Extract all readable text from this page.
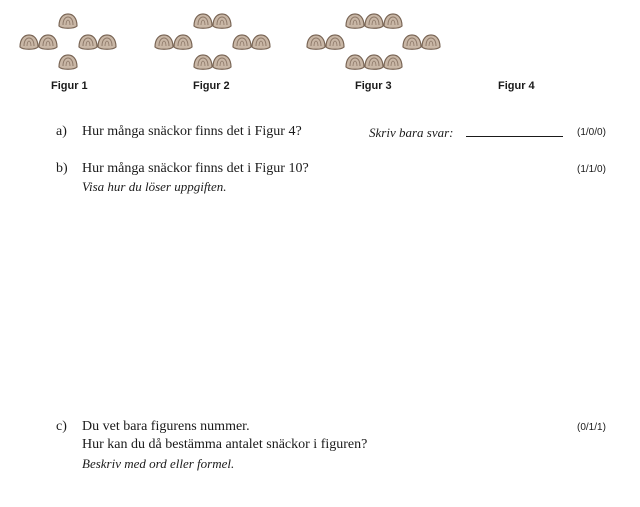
Figur 1	Figur 2	Figur 3	Figur 4
a) Hur många snäckor finns det i Figur 4?	Skriv bara svar:	(1/0/0)
b) Hur många snäckor finns det i Figur 10?
Visa hur du löser uppgiften.
(1/1/0)
c) Du vet bara figurens nummer.
Hur kan du då bestämma antalet snäckor i figuren?
Beskriv med ord eller formel.
(0/1/1)
